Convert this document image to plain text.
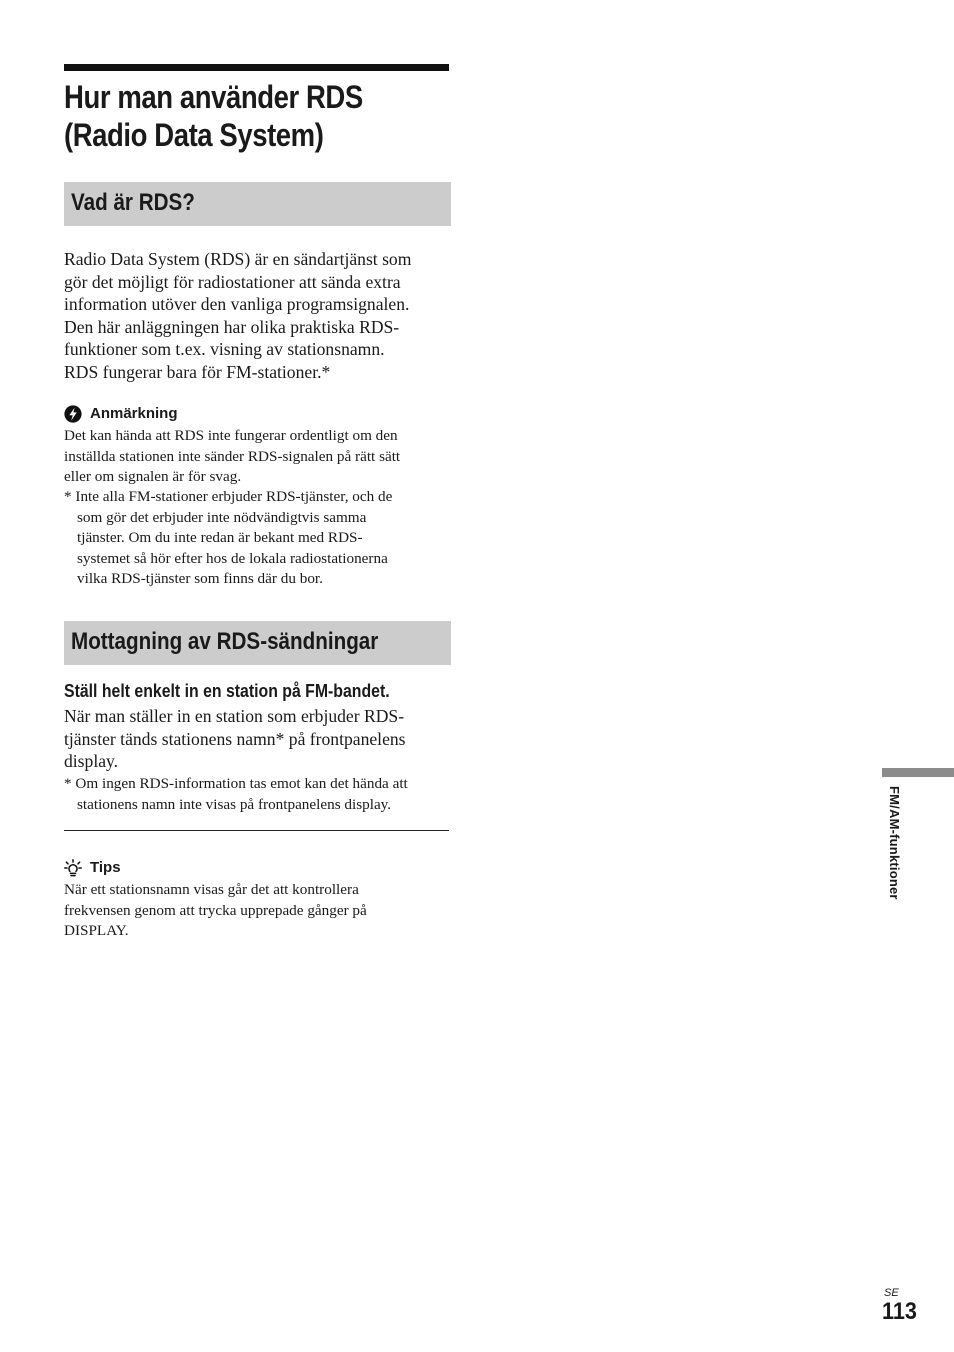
Hur man använder RDS
(Radio Data System)
Vad är RDS?

Radio Data System (RDS) är en sändartjänst som
gör det möjligt för radiostationer att sända extra
information utöver den vanliga programsignalen.
Den här anläggningen har olika praktiska RDS-
funktioner som t.ex. visning av stationsnamn.
RDS fungerar bara för FM-stationer.*

Anmärkning

Det kan hända att RDS inte fungerar ordentligt om den
inställda stationen inte sänder RDS-signalen på rätt sätt
eller om signalen är för svag.

* Inte alla FM-stationer erbjuder RDS-tjänster, och de
som gör det erbjuder inte nödvändigtvis samma
tjänster. Om du inte redan är bekant med RDS-
systemet så hör efter hos de lokala radiostationerna
vilka RDS-tjänster som finns där du bor.

Mottagning av RDS-sändningar
Ställ helt enkelt in en station på FM-bandet.

När man ställer in en station som erbjuder RDS-
tjänster tänds stationens namn* på frontpanelens
display.

* Om ingen RDS-information tas emot kan det hända att
stationens namn inte visas på frontpanelens display.

Tips

När ett stationsnamn visas går det att kontrollera
frekvensen genom att trycka upprepade gånger på
DISPLAY.

FM/AM-funktioner
SE
113
